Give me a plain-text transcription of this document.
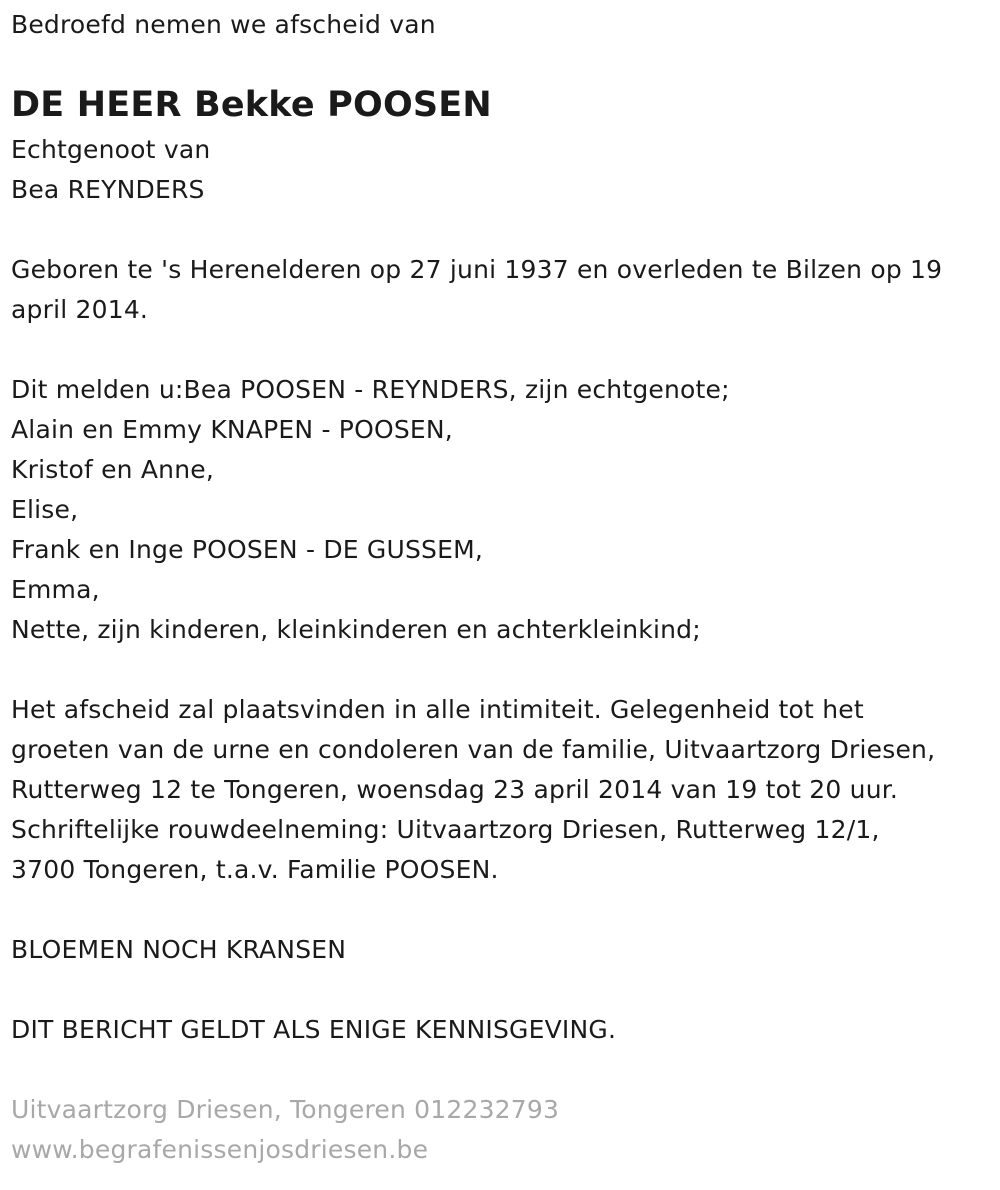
Bedroefd nemen we afscheid van
DE HEER Bekke POOSEN
Echtgenoot van
Bea REYNDERS
Geboren te 's Herenelderen op 27 juni 1937 en overleden te Bilzen op 19
april 2014.
Dit melden u:Bea POOSEN - REYNDERS, zijn echtgenote;
Alain en Emmy KNAPEN - POOSEN,
Kristof en Anne,
Elise,
Frank en Inge POOSEN - DE GUSSEM,
Emma,
Nette, zijn kinderen, kleinkinderen en achterkleinkind;
Het afscheid zal plaatsvinden in alle intimiteit. Gelegenheid tot het
groeten van de urne en condoleren van de familie, Uitvaartzorg Driesen,
Rutterweg 12 te Tongeren, woensdag 23 april 2014 van 19 tot 20 uur.
Schriftelijke rouwdeelneming: Uitvaartzorg Driesen, Rutterweg 12/1,
3700 Tongeren, t.a.v. Familie POOSEN.
BLOEMEN NOCH KRANSEN
DIT BERICHT GELDT ALS ENIGE KENNISGEVING.
Uitvaartzorg Driesen, Tongeren 012232793
www.begrafenissenjosdriesen.be
